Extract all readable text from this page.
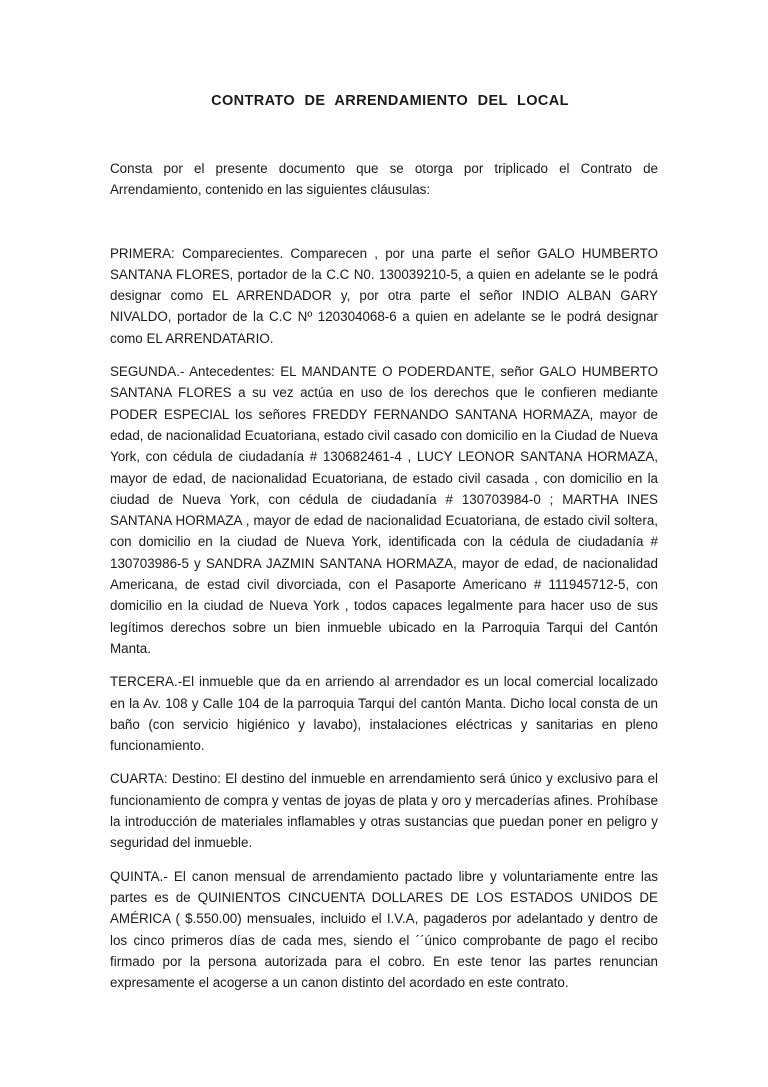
CONTRATO DE ARRENDAMIENTO DEL LOCAL

Consta por el presente documento que se otorga por triplicado el Contrato de Arrendamiento, contenido en las siguientes cláusulas:

PRIMERA: Comparecientes. Comparecen , por una parte el señor GALO HUMBERTO SANTANA FLORES, portador de la C.C N0. 130039210-5, a quien en adelante se le podrá designar como EL ARRENDADOR y, por otra parte el señor INDIO ALBAN GARY NIVALDO, portador de la C.C Nº 120304068-6 a quien en adelante se le podrá designar como EL ARRENDATARIO.

SEGUNDA.- Antecedentes: EL MANDANTE O PODERDANTE, señor GALO HUMBERTO SANTANA FLORES a su vez actúa en uso de los derechos que le confieren mediante PODER ESPECIAL los señores FREDDY FERNANDO SANTANA HORMAZA, mayor de edad, de nacionalidad Ecuatoriana, estado civil casado con domicilio en la Ciudad de Nueva York, con cédula de ciudadanía # 130682461-4 , LUCY LEONOR SANTANA HORMAZA, mayor de edad, de nacionalidad Ecuatoriana, de estado civil casada , con domicilio en la ciudad de Nueva York, con cédula de ciudadanía # 130703984-0 ; MARTHA INES SANTANA HORMAZA , mayor de edad de nacionalidad Ecuatoriana, de estado civil soltera, con domicilio en la ciudad de Nueva York, identificada con la cédula de ciudadanía # 130703986-5 y SANDRA JAZMIN SANTANA HORMAZA, mayor de edad, de nacionalidad Americana, de estad civil divorciada, con el Pasaporte Americano # 111945712-5, con domicilio en la ciudad de Nueva York , todos capaces legalmente para hacer uso de sus legítimos derechos sobre un bien inmueble ubicado en la Parroquia Tarqui del Cantón Manta.

TERCERA.-El inmueble que da en arriendo al arrendador es un local comercial localizado en la Av. 108 y Calle 104 de la parroquia Tarqui del cantón Manta. Dicho local consta de un baño (con servicio higiénico y lavabo), instalaciones eléctricas y sanitarias en pleno funcionamiento.

CUARTA: Destino: El destino del inmueble en arrendamiento será único y exclusivo para el funcionamiento de compra y ventas de joyas de plata y oro y mercaderías afines. Prohíbase la introducción de materiales inflamables y otras sustancias que puedan poner en peligro y seguridad del inmueble.

QUINTA.- El canon mensual de arrendamiento pactado libre y voluntariamente entre las partes es de QUINIENTOS CINCUENTA DOLLARES DE LOS ESTADOS UNIDOS DE AMÉRICA ( $.550.00) mensuales, incluido el I.V.A, pagaderos por adelantado y dentro de los cinco primeros días de cada mes, siendo el ´´único comprobante de pago el recibo firmado por la persona autorizada para el cobro. En este tenor las partes renuncian expresamente el acogerse a un canon distinto del acordado en este contrato.
